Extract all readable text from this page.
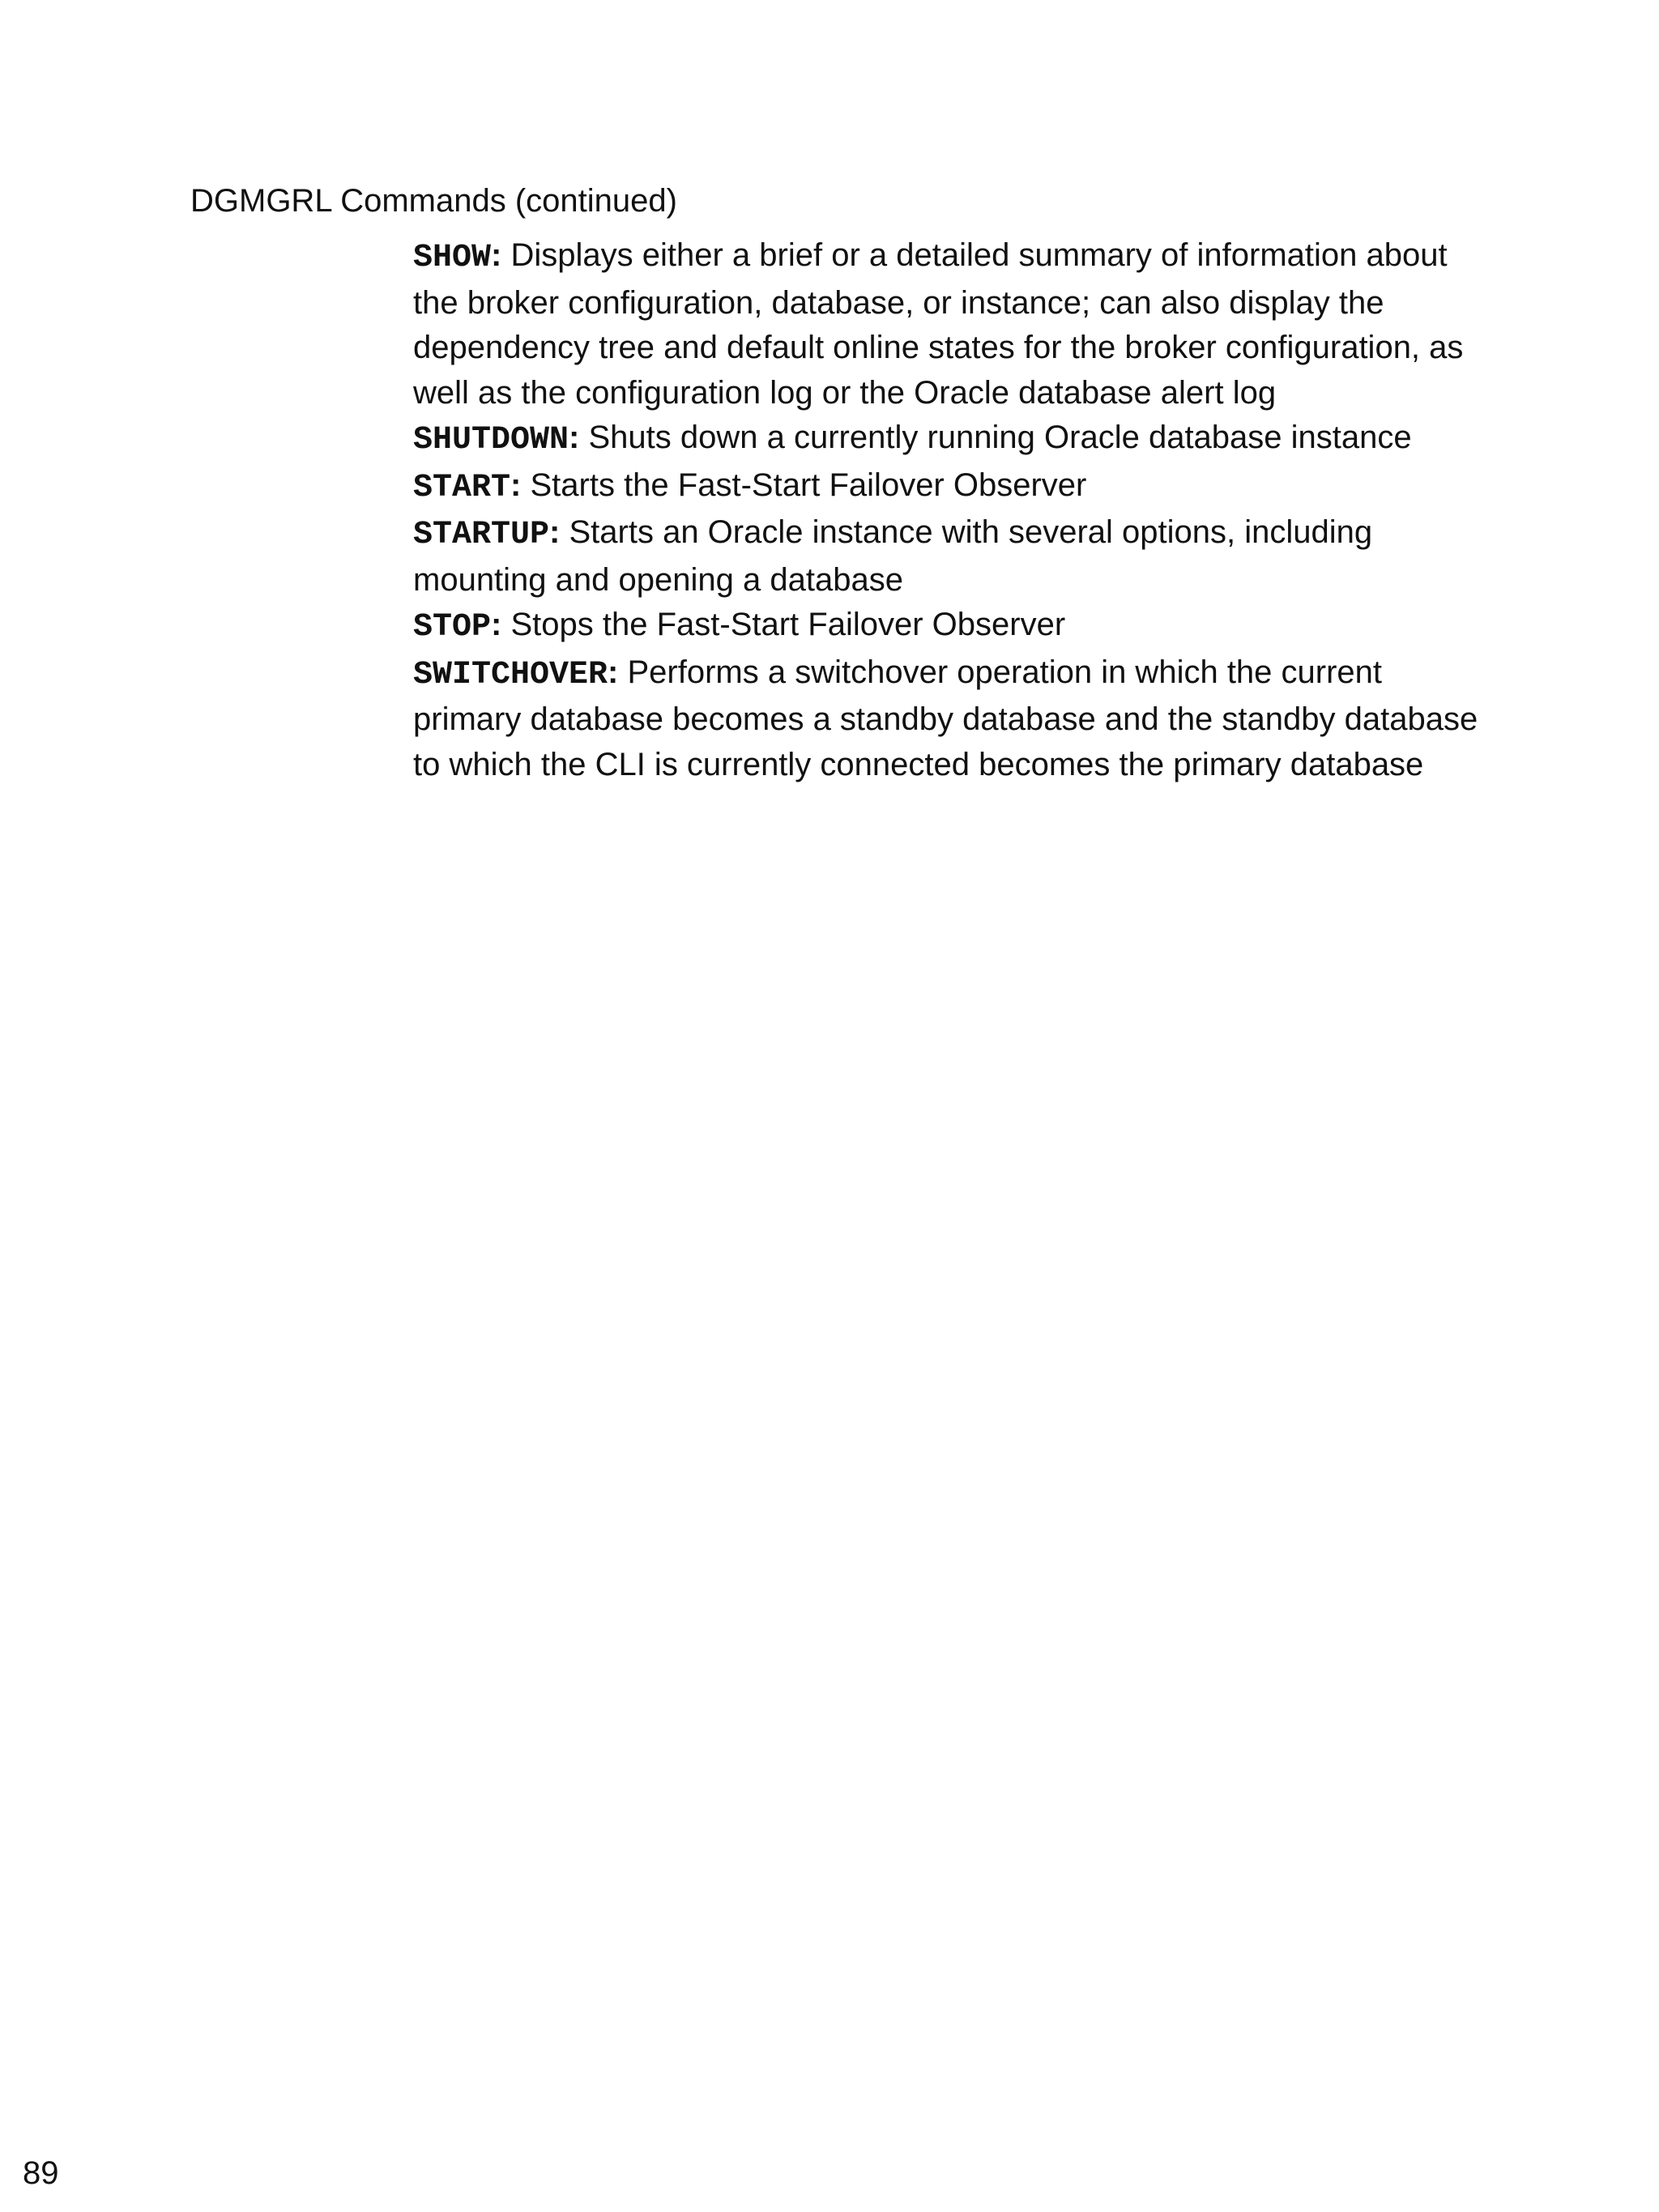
DGMGRL Commands (continued)
SHOW: Displays either a brief or a detailed summary of information about the broker configuration, database, or instance; can also display the dependency tree and default online states for the broker configuration, as well as the configuration log or the Oracle database alert log
SHUTDOWN: Shuts down a currently running Oracle database instance
START: Starts the Fast-Start Failover Observer
STARTUP: Starts an Oracle instance with several options, including mounting and opening a database
STOP: Stops the Fast-Start Failover Observer
SWITCHOVER: Performs a switchover operation in which the current primary database becomes a standby database and the standby database to which the CLI is currently connected becomes the primary database
89
